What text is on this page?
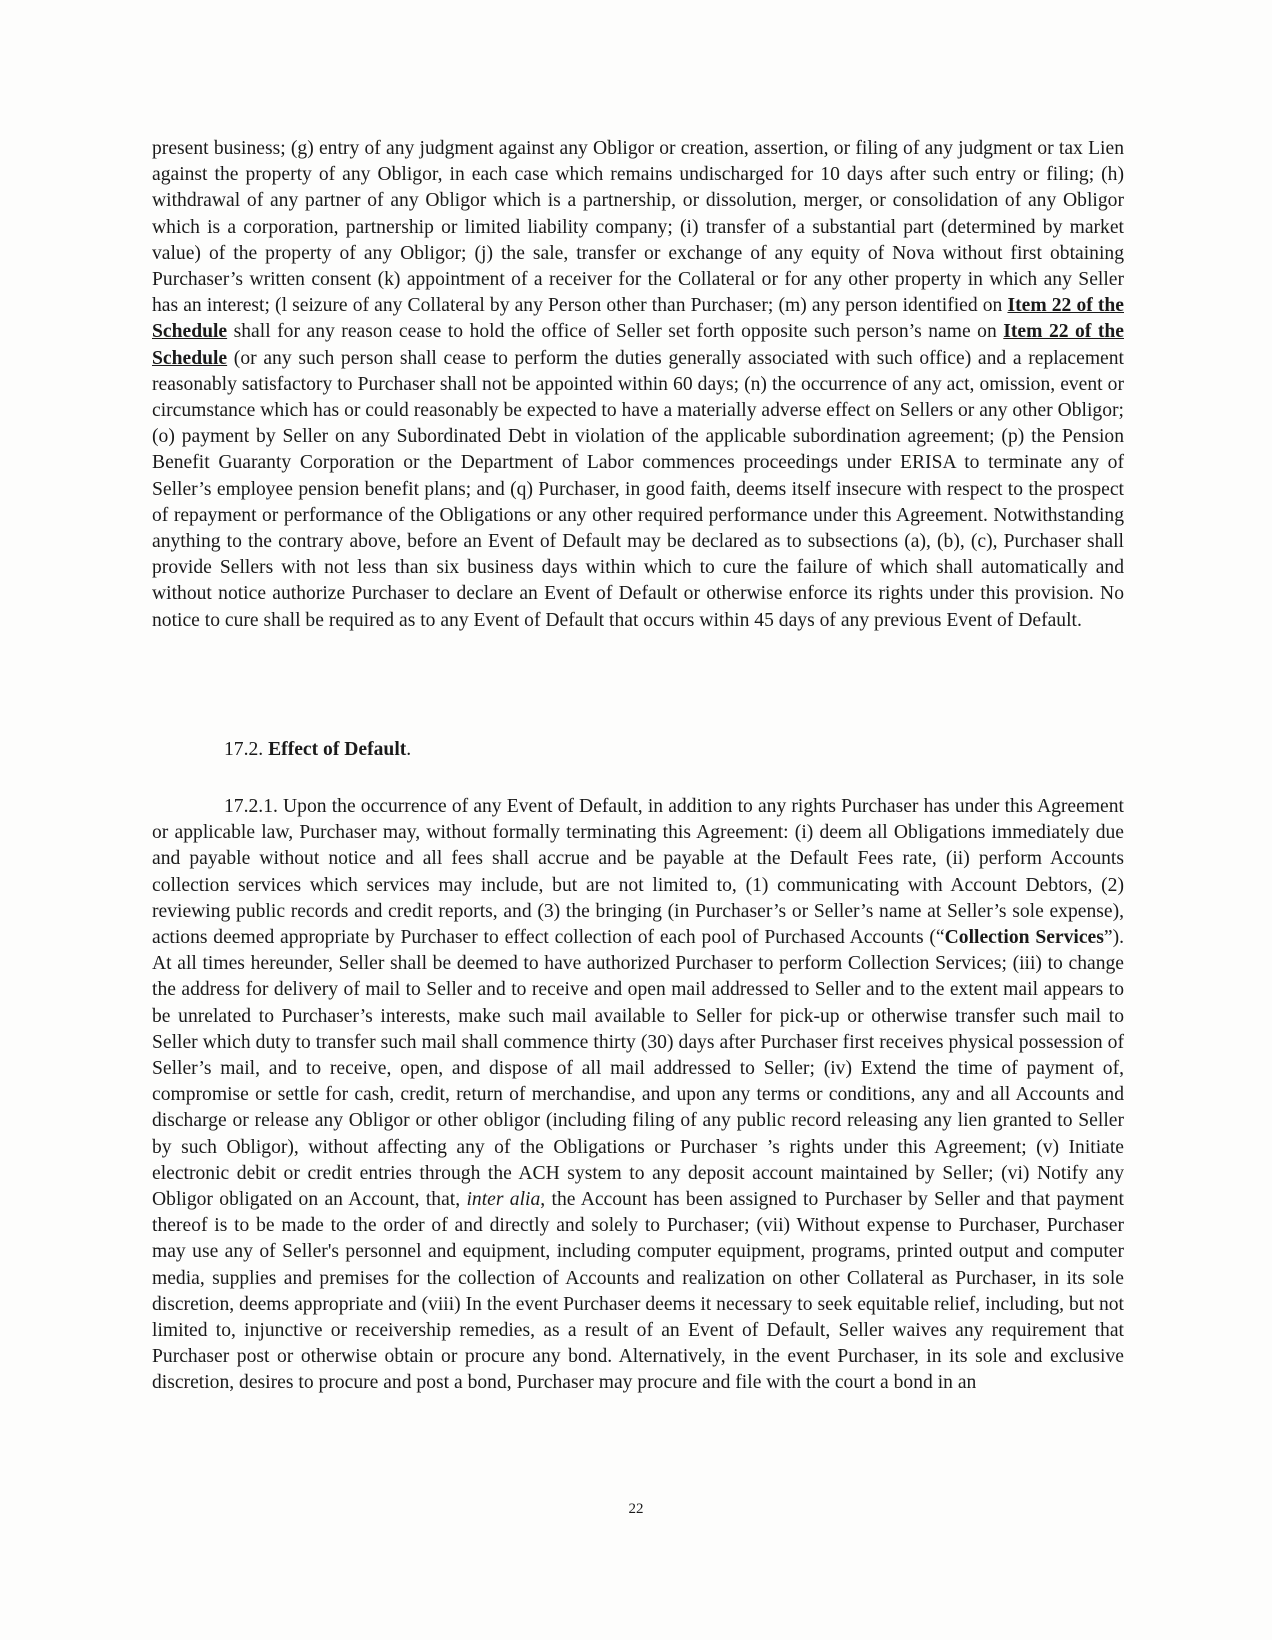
present business; (g) entry of any judgment against any Obligor or creation, assertion, or filing of any judgment or tax Lien against the property of any Obligor, in each case which remains undischarged for 10 days after such entry or filing; (h) withdrawal of any partner of any Obligor which is a partnership, or dissolution, merger, or consolidation of any Obligor which is a corporation, partnership or limited liability company; (i) transfer of a substantial part (determined by market value) of the property of any Obligor; (j) the sale, transfer or exchange of any equity of Nova without first obtaining Purchaser’s written consent (k) appointment of a receiver for the Collateral or for any other property in which any Seller has an interest; (l seizure of any Collateral by any Person other than Purchaser; (m) any person identified on Item 22 of the Schedule shall for any reason cease to hold the office of Seller set forth opposite such person’s name on Item 22 of the Schedule (or any such person shall cease to perform the duties generally associated with such office) and a replacement reasonably satisfactory to Purchaser shall not be appointed within 60 days; (n) the occurrence of any act, omission, event or circumstance which has or could reasonably be expected to have a materially adverse effect on Sellers or any other Obligor; (o) payment by Seller on any Subordinated Debt in violation of the applicable subordination agreement; (p) the Pension Benefit Guaranty Corporation or the Department of Labor commences proceedings under ERISA to terminate any of Seller’s employee pension benefit plans; and (q) Purchaser, in good faith, deems itself insecure with respect to the prospect of repayment or performance of the Obligations or any other required performance under this Agreement. Notwithstanding anything to the contrary above, before an Event of Default may be declared as to subsections (a), (b), (c), Purchaser shall provide Sellers with not less than six business days within which to cure the failure of which shall automatically and without notice authorize Purchaser to declare an Event of Default or otherwise enforce its rights under this provision. No notice to cure shall be required as to any Event of Default that occurs within 45 days of any previous Event of Default.

17.2. Effect of Default.

17.2.1. Upon the occurrence of any Event of Default, in addition to any rights Purchaser has under this Agreement or applicable law, Purchaser may, without formally terminating this Agreement: (i) deem all Obligations immediately due and payable without notice and all fees shall accrue and be payable at the Default Fees rate, (ii) perform Accounts collection services which services may include, but are not limited to, (1) communicating with Account Debtors, (2) reviewing public records and credit reports, and (3) the bringing (in Purchaser’s or Seller’s name at Seller’s sole expense), actions deemed appropriate by Purchaser to effect collection of each pool of Purchased Accounts (“Collection Services”). At all times hereunder, Seller shall be deemed to have authorized Purchaser to perform Collection Services; (iii) to change the address for delivery of mail to Seller and to receive and open mail addressed to Seller and to the extent mail appears to be unrelated to Purchaser’s interests, make such mail available to Seller for pick-up or otherwise transfer such mail to Seller which duty to transfer such mail shall commence thirty (30) days after Purchaser first receives physical possession of Seller’s mail, and to receive, open, and dispose of all mail addressed to Seller; (iv) Extend the time of payment of, compromise or settle for cash, credit, return of merchandise, and upon any terms or conditions, any and all Accounts and discharge or release any Obligor or other obligor (including filing of any public record releasing any lien granted to Seller by such Obligor), without affecting any of the Obligations or Purchaser ’s rights under this Agreement; (v) Initiate electronic debit or credit entries through the ACH system to any deposit account maintained by Seller; (vi) Notify any Obligor obligated on an Account, that, inter alia, the Account has been assigned to Purchaser by Seller and that payment thereof is to be made to the order of and directly and solely to Purchaser; (vii) Without expense to Purchaser, Purchaser may use any of Seller's personnel and equipment, including computer equipment, programs, printed output and computer media, supplies and premises for the collection of Accounts and realization on other Collateral as Purchaser, in its sole discretion, deems appropriate and (viii) In the event Purchaser deems it necessary to seek equitable relief, including, but not limited to, injunctive or receivership remedies, as a result of an Event of Default, Seller waives any requirement that Purchaser post or otherwise obtain or procure any bond. Alternatively, in the event Purchaser, in its sole and exclusive discretion, desires to procure and post a bond, Purchaser may procure and file with the court a bond in an

22
